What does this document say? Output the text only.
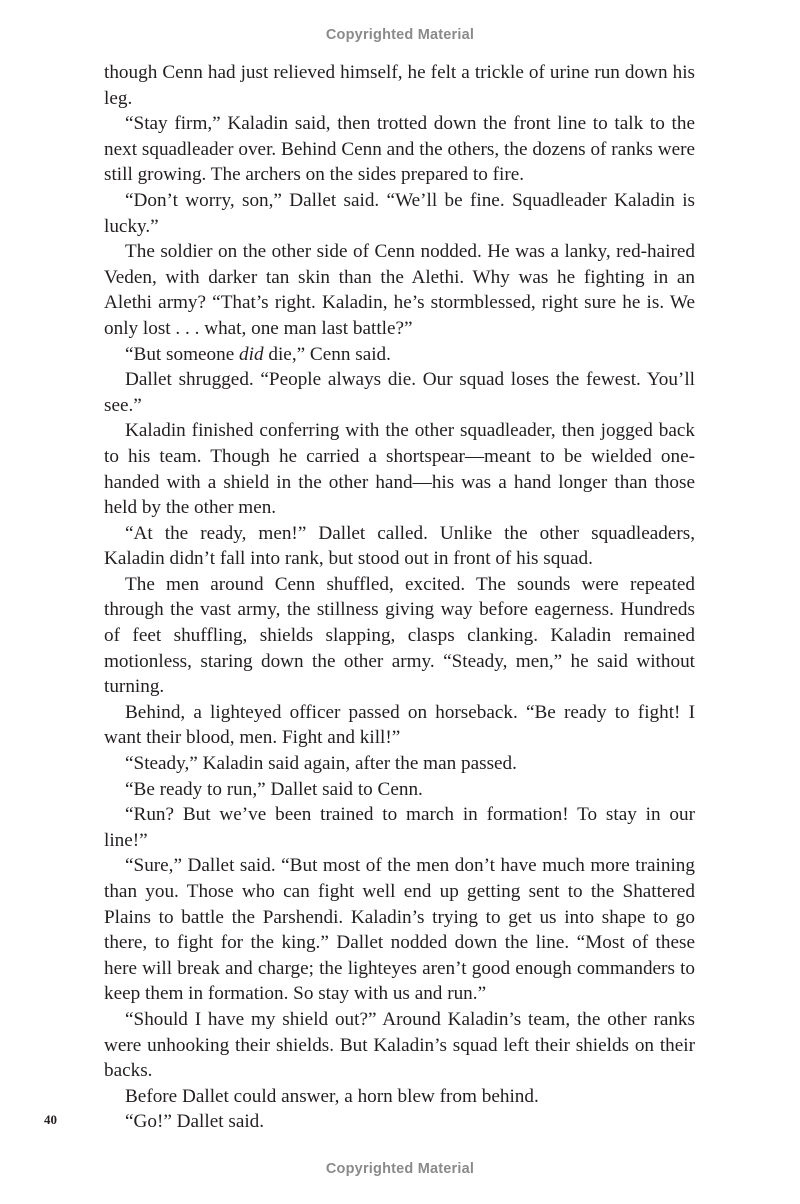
Copyrighted Material

though Cenn had just relieved himself, he felt a trickle of urine run down his leg.

“Stay firm,” Kaladin said, then trotted down the front line to talk to the next squadleader over. Behind Cenn and the others, the dozens of ranks were still growing. The archers on the sides prepared to fire.

“Don’t worry, son,” Dallet said. “We’ll be fine. Squadleader Kaladin is lucky.”

The soldier on the other side of Cenn nodded. He was a lanky, red-haired Veden, with darker tan skin than the Alethi. Why was he fighting in an Alethi army? “That’s right. Kaladin, he’s stormblessed, right sure he is. We only lost . . . what, one man last battle?”

“But someone did die,” Cenn said.

Dallet shrugged. “People always die. Our squad loses the fewest. You’ll see.”

Kaladin finished conferring with the other squadleader, then jogged back to his team. Though he carried a shortspear—meant to be wielded one-handed with a shield in the other hand—his was a hand longer than those held by the other men.

“At the ready, men!” Dallet called. Unlike the other squadleaders, Kaladin didn’t fall into rank, but stood out in front of his squad.

The men around Cenn shuffled, excited. The sounds were repeated through the vast army, the stillness giving way before eagerness. Hundreds of feet shuffling, shields slapping, clasps clanking. Kaladin remained motionless, staring down the other army. “Steady, men,” he said without turning.

Behind, a lighteyed officer passed on horseback. “Be ready to fight! I want their blood, men. Fight and kill!”

“Steady,” Kaladin said again, after the man passed.

“Be ready to run,” Dallet said to Cenn.

“Run? But we’ve been trained to march in formation! To stay in our line!”

“Sure,” Dallet said. “But most of the men don’t have much more training than you. Those who can fight well end up getting sent to the Shattered Plains to battle the Parshendi. Kaladin’s trying to get us into shape to go there, to fight for the king.” Dallet nodded down the line. “Most of these here will break and charge; the lighteyes aren’t good enough commanders to keep them in formation. So stay with us and run.”

“Should I have my shield out?” Around Kaladin’s team, the other ranks were unhooking their shields. But Kaladin’s squad left their shields on their backs.

Before Dallet could answer, a horn blew from behind.

“Go!” Dallet said.

40
Copyrighted Material
